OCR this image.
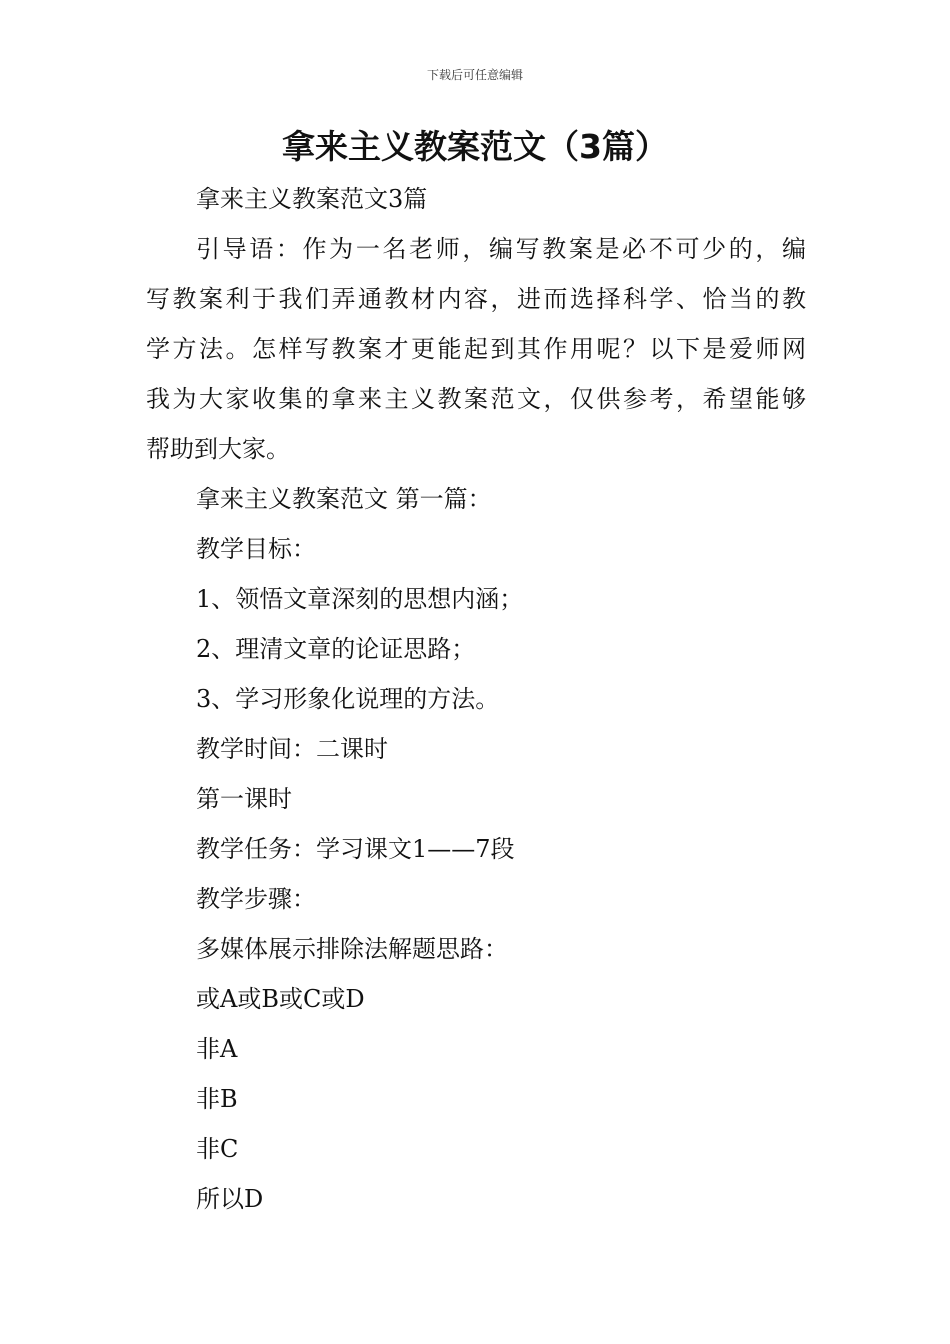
下载后可任意编辑
拿来主义教案范文（3篇）
拿来主义教案范文3篇
引导语：作为一名老师，编写教案是必不可少的，编
写教案利于我们弄通教材内容，进而选择科学、恰当的教
学方法。怎样写教案才更能起到其作用呢？以下是爱师网
我为大家收集的拿来主义教案范文，仅供参考，希望能够
帮助到大家。
拿来主义教案范文 第一篇：
教学目标：
1、领悟文章深刻的思想内涵；
2、理清文章的论证思路；
3、学习形象化说理的方法。
教学时间：二课时
第一课时
教学任务：学习课文1——7段
教学步骤：
多媒体展示排除法解题思路：
或A或B或C或D
非A
非B
非C
所以D
